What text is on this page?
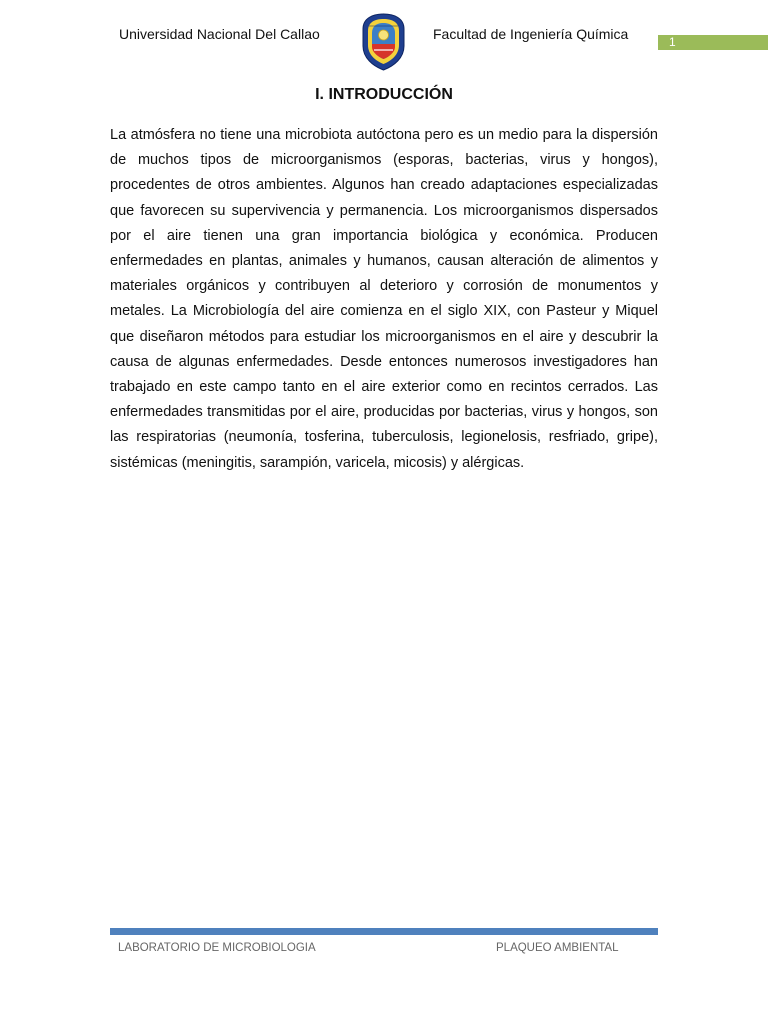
Universidad Nacional Del Callao	Facultad de Ingeniería Química	1
I. INTRODUCCIÓN
La atmósfera no tiene una microbiota autóctona pero es un medio para la dispersión de muchos tipos de microorganismos (esporas, bacterias, virus y hongos), procedentes de otros ambientes. Algunos han creado adaptaciones especializadas que favorecen su supervivencia y permanencia. Los microorganismos dispersados por el aire tienen una gran importancia biológica y económica. Producen enfermedades en plantas, animales y humanos, causan alteración de alimentos y materiales orgánicos y contribuyen al deterioro y corrosión de monumentos y metales. La Microbiología del aire comienza en el siglo XIX, con Pasteur y Miquel que diseñaron métodos para estudiar los microorganismos en el aire y descubrir la causa de algunas enfermedades. Desde entonces numerosos investigadores han trabajado en este campo tanto en el aire exterior como en recintos cerrados. Las enfermedades transmitidas por el aire, producidas por bacterias, virus y hongos, son las respiratorias (neumonía, tosferina, tuberculosis, legionelosis, resfriado, gripe), sistémicas (meningitis, sarampión, varicela, micosis) y alérgicas.
LABORATORIO DE MICROBIOLOGIA	PLAQUEO AMBIENTAL
